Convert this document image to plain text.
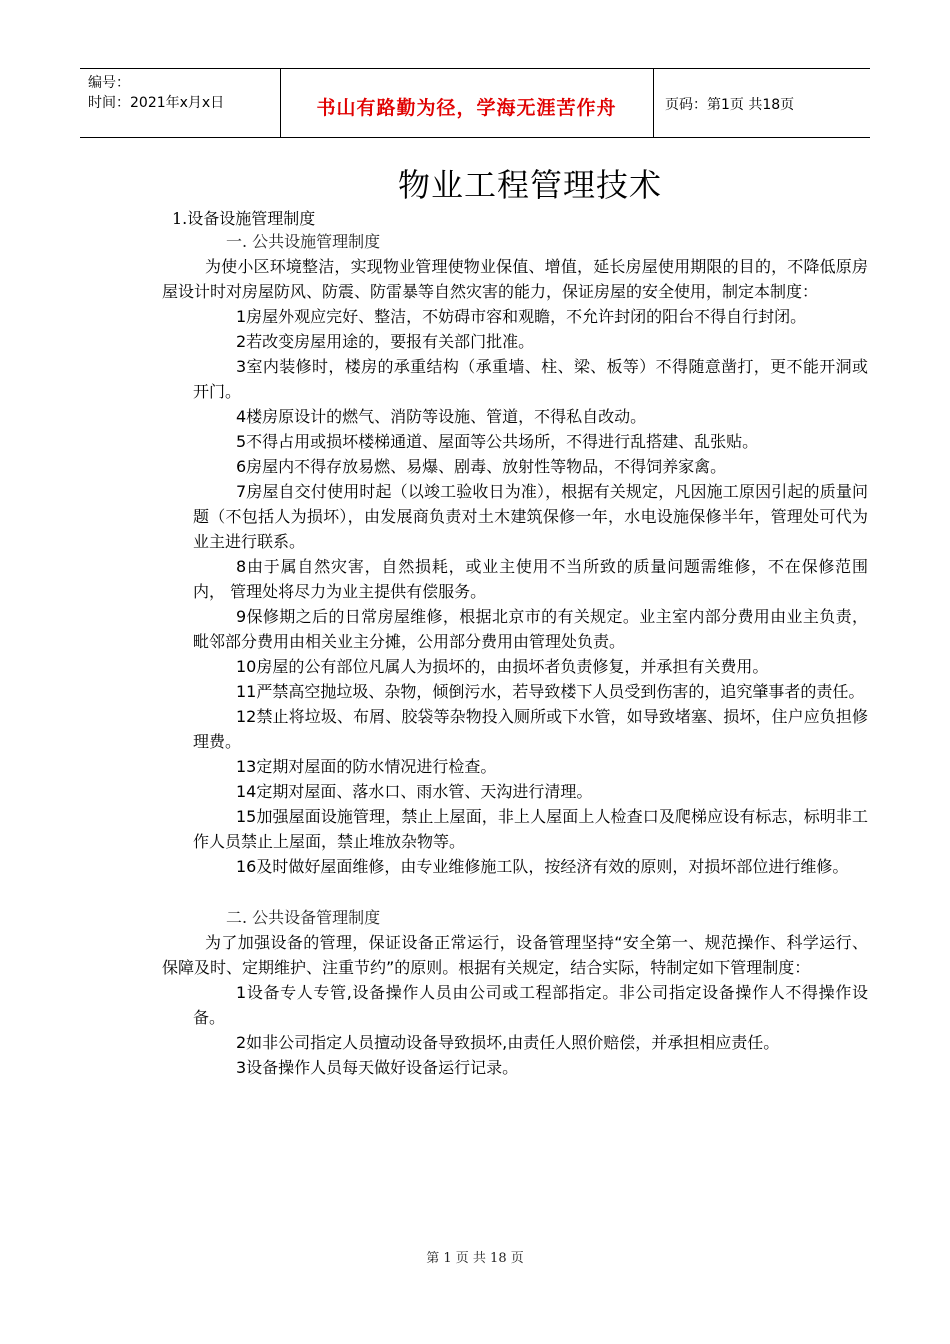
编号：
时间：2021年x月x日	书山有路勤为径，学海无涯苦作舟	页码：第1页 共18页
物业工程管理技术
1.设备设施管理制度
一. 公共设施管理制度

为使小区环境整洁，实现物业管理使物业保值、增值，延长房屋使用期限的目的，不降低原房 屋设计时对房屋防风、防震、防雷暴等自然灾害的能力，保证房屋的安全使用，制定本制度：

1房屋外观应完好、整洁，不妨碍市容和观瞻，不允许封闭的阳台不得自行封闭。

2若改变房屋用途的，要报有关部门批准。

3室内装修时，楼房的承重结构（承重墙、柱、梁、板等）不得随意凿打，更不能开洞或开门。

4楼房原设计的燃气、消防等设施、管道，不得私自改动。

5不得占用或损坏楼梯通道、屋面等公共场所，不得进行乱搭建、乱张贴。

6房屋内不得存放易燃、易爆、剧毒、放射性等物品，不得饲养家禽。

7房屋自交付使用时起（以竣工验收日为准），根据有关规定，凡因施工原因引起的质量问题（不包括人为损坏），由发展商负责对土木建筑保修一年，水电设施保修半年，管理处可代为业主进行联系。

8由于属自然灾害，自然损耗，或业主使用不当所致的质量问题需维修，不在保修范围内， 管理处将尽力为业主提供有偿服务。

9保修期之后的日常房屋维修，根据北京市的有关规定。业主室内部分费用由业主负责，毗邻部分费用由相关业主分摊，公用部分费用由管理处负责。

10房屋的公有部位凡属人为损坏的，由损坏者负责修复，并承担有关费用。

11严禁高空抛垃圾、杂物，倾倒污水，若导致楼下人员受到伤害的，追究肇事者的责任。

12禁止将垃圾、布屑、胶袋等杂物投入厕所或下水管，如导致堵塞、损坏，住户应负担修理费。

13定期对屋面的防水情况进行检查。

14定期对屋面、落水口、雨水管、天沟进行清理。

15加强屋面设施管理，禁止上屋面，非上人屋面上人检查口及爬梯应设有标志，标明非工作人员禁止上屋面，禁止堆放杂物等。

16及时做好屋面维修，由专业维修施工队，按经济有效的原则，对损坏部位进行维修。

二. 公共设备管理制度

为了加强设备的管理，保证设备正常运行，设备管理坚持“安全第一、规范操作、科学运行、保障及时、定期维护、注重节约”的原则。根据有关规定，结合实际，特制定如下管理制度：

1设备专人专管,设备操作人员由公司或工程部指定。非公司指定设备操作人不得操作设备。

2如非公司指定人员擅动设备导致损坏,由责任人照价赔偿，并承担相应责任。

3设备操作人员每天做好设备运行记录。

第 1 页 共 18 页
